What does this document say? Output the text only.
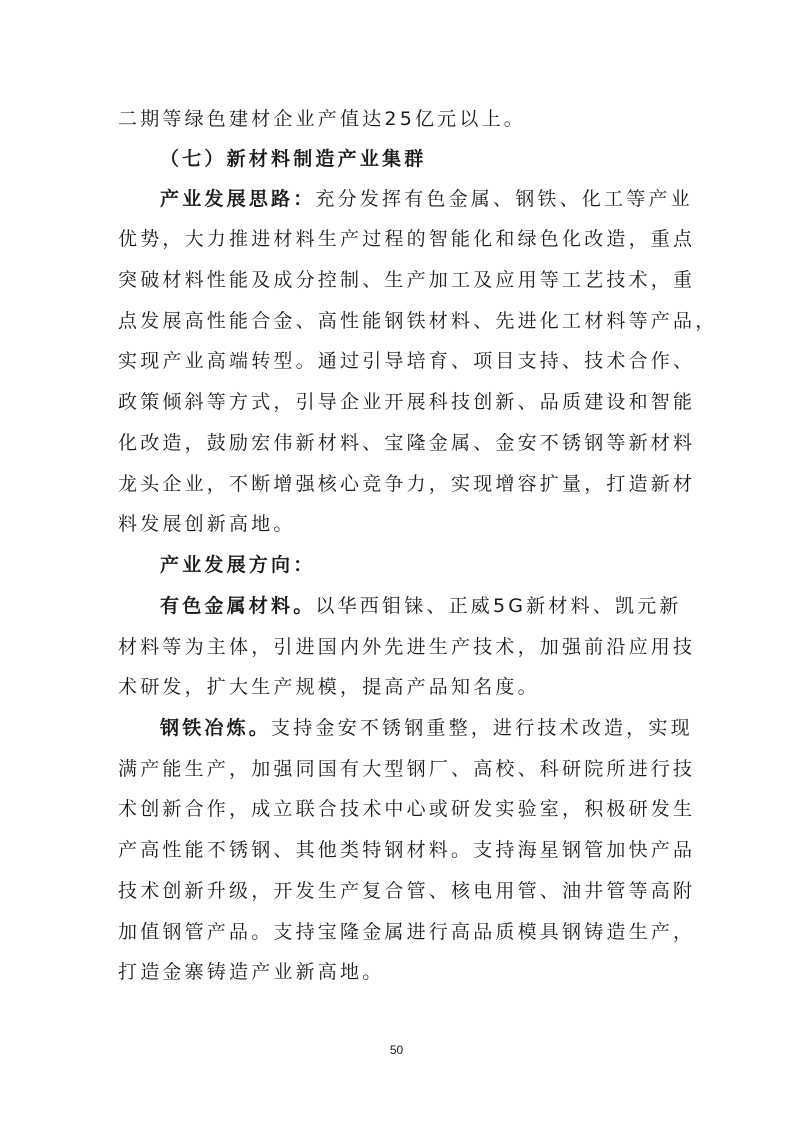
二期等绿色建材企业产值达25亿元以上。
（七）新材料制造产业集群
产业发展思路：充分发挥有色金属、钢铁、化工等产业
优势，大力推进材料生产过程的智能化和绿色化改造，重点
突破材料性能及成分控制、生产加工及应用等工艺技术，重
点发展高性能合金、高性能钢铁材料、先进化工材料等产品，
实现产业高端转型。通过引导培育、项目支持、技术合作、
政策倾斜等方式，引导企业开展科技创新、品质建设和智能
化改造，鼓励宏伟新材料、宝隆金属、金安不锈钢等新材料
龙头企业，不断增强核心竞争力，实现增容扩量，打造新材
料发展创新高地。
产业发展方向：
有色金属材料。以华西钼铼、正威5G新材料、凯元新
材料等为主体，引进国内外先进生产技术，加强前沿应用技
术研发，扩大生产规模，提高产品知名度。
钢铁冶炼。支持金安不锈钢重整，进行技术改造，实现
满产能生产，加强同国有大型钢厂、高校、科研院所进行技
术创新合作，成立联合技术中心或研发实验室，积极研发生
产高性能不锈钢、其他类特钢材料。支持海星钢管加快产品
技术创新升级，开发生产复合管、核电用管、油井管等高附
加值钢管产品。支持宝隆金属进行高品质模具钢铸造生产，
打造金寨铸造产业新高地。
50
